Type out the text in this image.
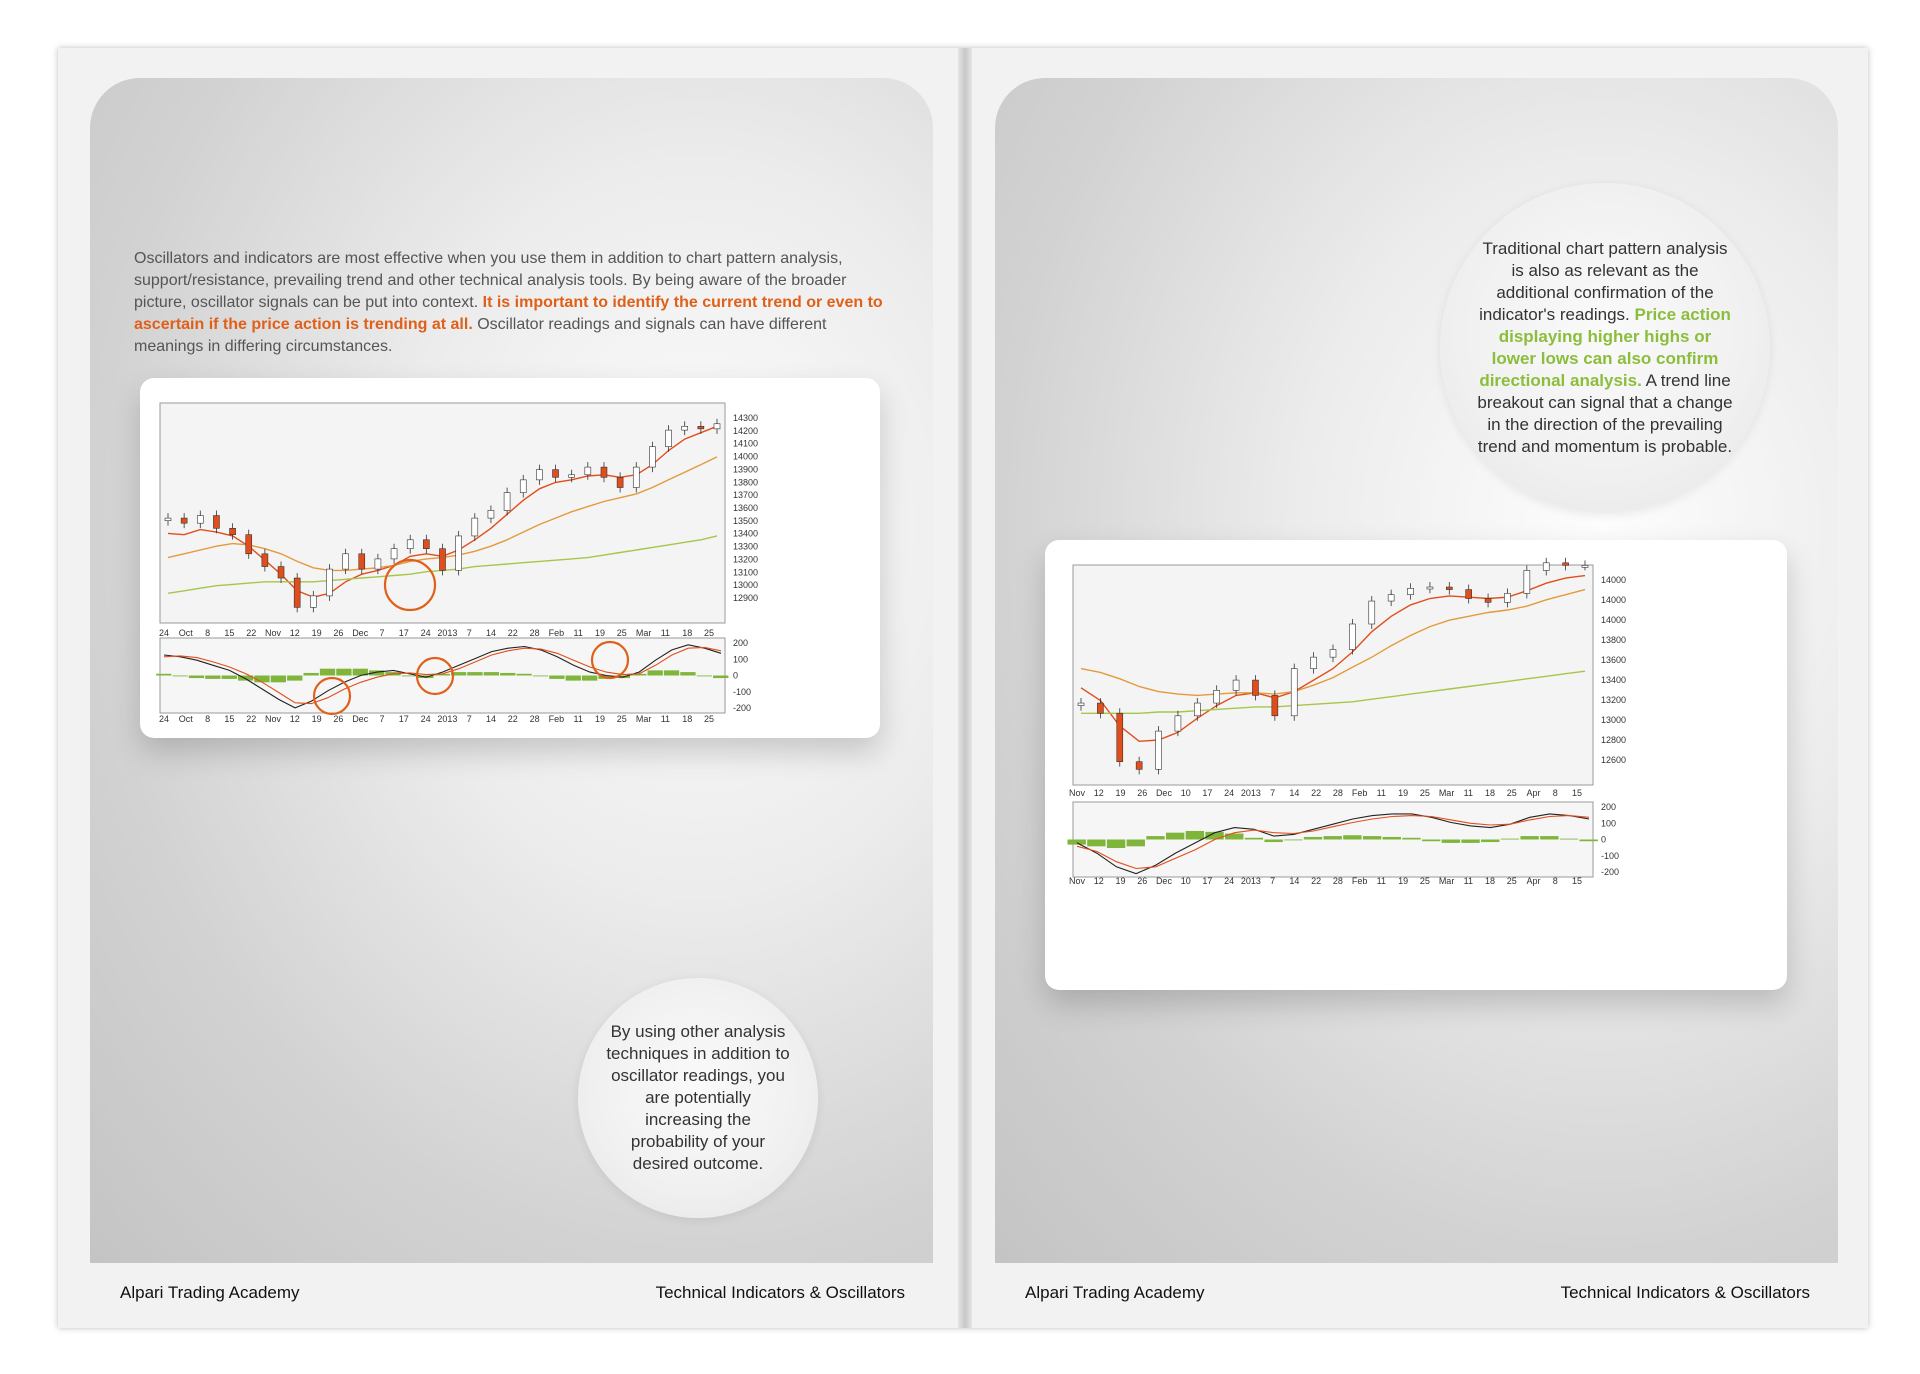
Oscillators and indicators are most effective when you use them in addition to chart pattern analysis, support/resistance, prevailing trend and other technical analysis tools. By being aware of the broader picture, oscillator signals can be put into context. It is important to identify the current trend or even to ascertain if the price action is trending at all. Oscillator readings and signals can have different meanings in differing circumstances.

14300
14200
14100
14000
13900
13800
13700
13600
13500
13400
13300
13200
13100
13000
12900
24
24
Oct
Oct
8
8
15
15
22
22
Nov
Nov
12
12
19
19
26
26
Dec
Dec
7
7
17
17
24
24
2013
2013
7
7
14
14
22
22
28
28
Feb
Feb
11
11
19
19
25
25
Mar
Mar
11
11
18
18
25
25
200
100
0
-100
-200

By using other analysis techniques in addition to oscillator readings, you are potentially increasing the probability of your desired outcome.

Alpari Trading Academy	Technical Indicators & Oscillators

Traditional chart pattern analysis is also as relevant as the additional confirmation of the indicator's readings. Price action displaying higher highs or lower lows can also confirm directional analysis. A trend line breakout can signal that a change in the direction of the prevailing trend and momentum is probable.

14000
14000
14000
13800
13600
13400
13200
13000
12800
12600
Nov
Nov
12
12
19
19
26
26
Dec
Dec
10
10
17
17
24
24
2013
2013
7
7
14
14
22
22
28
28
Feb
Feb
11
11
19
19
25
25
Mar
Mar
11
11
18
18
25
25
Apr
Apr
8
8
15
15
200
100
0
-100
-200
Alpari Trading Academy	Technical Indicators & Oscillators
